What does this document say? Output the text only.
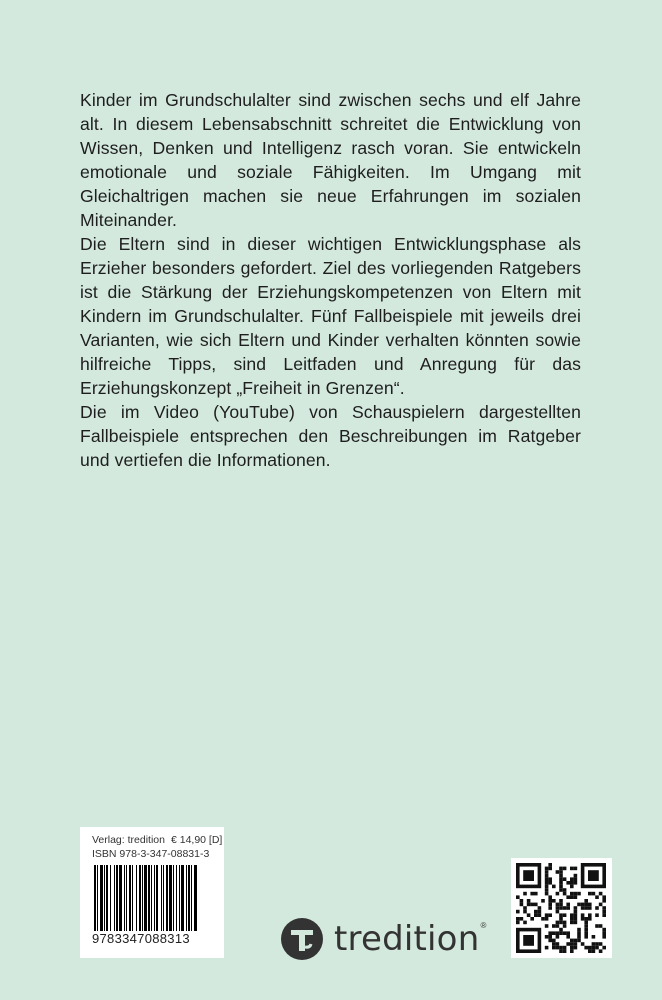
Kinder im Grundschulalter sind zwischen sechs und elf Jahre alt. In diesem Lebensabschnitt schreitet die Entwicklung von Wissen, Denken und Intelligenz rasch voran. Sie entwickeln emotionale und soziale Fähigkeiten. Im Umgang mit Gleichaltrigen machen sie neue Erfahrungen im sozialen Miteinander.

Die Eltern sind in dieser wichtigen Entwicklungsphase als Erzieher besonders gefordert. Ziel des vorliegenden Ratgebers ist die Stärkung der Erziehungskompetenzen von Eltern mit Kindern im Grundschulalter. Fünf Fallbeispiele mit jeweils drei Varianten, wie sich Eltern und Kinder verhalten könnten sowie hilfreiche Tipps, sind Leitfaden und Anregung für das Erziehungskonzept „Freiheit in Grenzen“.

Die im Video (YouTube) von Schauspielern dargestellten Fallbeispiele entsprechen den Beschreibungen im Ratgeber und vertiefen die Informationen.

Verlag: tredition € 14,90 [D]
ISBN 978-3-347-08831-3
9783347088313	tredition ®
